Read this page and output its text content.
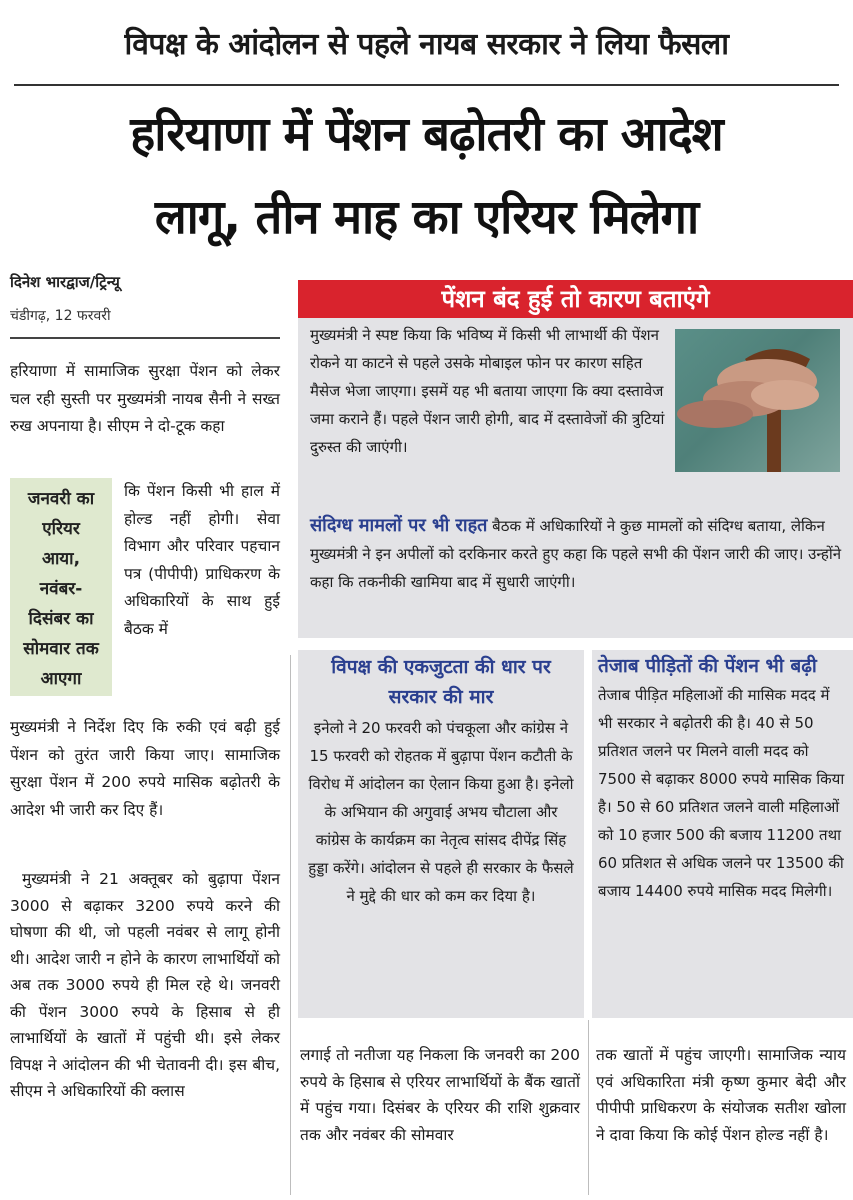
विपक्ष के आंदोलन से पहले नायब सरकार ने लिया फैसला
हरियाणा में पेंशन बढ़ोतरी का आदेश
लागू, तीन माह का एरियर मिलेगा
दिनेश भारद्वाज/ट्रिन्यू
चंडीगढ़, 12 फरवरी

हरियाणा में सामाजिक सुरक्षा पेंशन को लेकर चल रही सुस्ती पर मुख्यमंत्री नायब सैनी ने सख्त रुख अपनाया है। सीएम ने दो-टूक कहा

जनवरी का
एरियर
आया,
नवंबर-
दिसंबर का
सोमवार तक
आएगा

कि पेंशन किसी भी हाल में होल्ड नहीं होगी। सेवा विभाग और परिवार पहचान पत्र (पीपीपी) प्राधिकरण के अधिकारियों के साथ हुई बैठक में

मुख्यमंत्री ने निर्देश दिए कि रुकी एवं बढ़ी हुई पेंशन को तुरंत जारी किया जाए। सामाजिक सुरक्षा पेंशन में 200 रुपये मासिक बढ़ोतरी के आदेश भी जारी कर दिए हैं।

मुख्यमंत्री ने 21 अक्तूबर को बुढ़ापा पेंशन 3000 से बढ़ाकर 3200 रुपये करने की घोषणा की थी, जो पहली नवंबर से लागू होनी थी। आदेश जारी न होने के कारण लाभार्थियों को अब तक 3000 रुपये ही मिल रहे थे। जनवरी की पेंशन 3000 रुपये के हिसाब से ही लाभार्थियों के खातों में पहुंची थी। इसे लेकर विपक्ष ने आंदोलन की भी चेतावनी दी। इस बीच, सीएम ने अधिकारियों की क्लास

पेंशन बंद हुई तो कारण बताएंगे

मुख्यमंत्री ने स्पष्ट किया कि भविष्य में किसी भी लाभार्थी की पेंशन रोकने या काटने से पहले उसके मोबाइल फोन पर कारण सहित मैसेज भेजा जाएगा। इसमें यह भी बताया जाएगा कि क्या दस्तावेज जमा कराने हैं। पहले पेंशन जारी होगी, बाद में दस्तावेजों की त्रुटियां दुरुस्त की जाएंगी।

संदिग्ध मामलों पर भी राहत बैठक में अधिकारियों ने कुछ मामलों को संदिग्ध बताया, लेकिन मुख्यमंत्री ने इन अपीलों को दरकिनार करते हुए कहा कि पहले सभी की पेंशन जारी की जाए। उन्होंने कहा कि तकनीकी खामिया बाद में सुधारी जाएंगी।

विपक्ष की एकजुटता की धार पर सरकार की मार

इनेलो ने 20 फरवरी को पंचकूला और कांग्रेस ने 15 फरवरी को रोहतक में बुढ़ापा पेंशन कटौती के विरोध में आंदोलन का ऐलान किया हुआ है। इनेलो के अभियान की अगुवाई अभय चौटाला और कांग्रेस के कार्यक्रम का नेतृत्व सांसद दीपेंद्र सिंह हुड्डा करेंगे। आंदोलन से पहले ही सरकार के फैसले ने मुद्दे की धार को कम कर दिया है।

तेजाब पीड़ितों की पेंशन भी बढ़ी तेजाब पीड़ित महिलाओं की मासिक मदद में भी सरकार ने बढ़ोतरी की है। 40 से 50 प्रतिशत जलने पर मिलने वाली मदद को 7500 से बढ़ाकर 8000 रुपये मासिक किया है। 50 से 60 प्रतिशत जलने वाली महिलाओं को 10 हजार 500 की बजाय 11200 तथा 60 प्रतिशत से अधिक जलने पर 13500 की बजाय 14400 रुपये मासिक मदद मिलेगी।

लगाई तो नतीजा यह निकला कि जनवरी का 200 रुपये के हिसाब से एरियर लाभार्थियों के बैंक खातों में पहुंच गया। दिसंबर के एरियर की राशि शुक्रवार तक और नवंबर की सोमवार

तक खातों में पहुंच जाएगी। सामाजिक न्याय एवं अधिकारिता मंत्री कृष्ण कुमार बेदी और पीपीपी प्राधिकरण के संयोजक सतीश खोला ने दावा किया कि कोई पेंशन होल्ड नहीं है।
